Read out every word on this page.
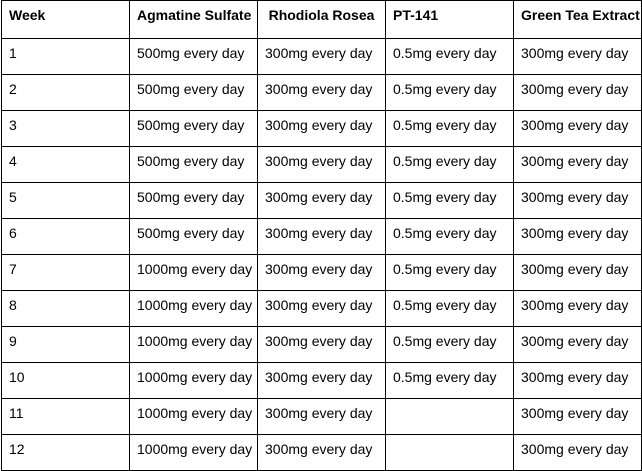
Week	Agmatine Sulfate	Rhodiola Rosea	PT-141	Green Tea Extract
1	500mg every day	300mg every day	0.5mg every day	300mg every day
2	500mg every day	300mg every day	0.5mg every day	300mg every day
3	500mg every day	300mg every day	0.5mg every day	300mg every day
4	500mg every day	300mg every day	0.5mg every day	300mg every day
5	500mg every day	300mg every day	0.5mg every day	300mg every day
6	500mg every day	300mg every day	0.5mg every day	300mg every day
7	1000mg every day	300mg every day	0.5mg every day	300mg every day
8	1000mg every day	300mg every day	0.5mg every day	300mg every day
9	1000mg every day	300mg every day	0.5mg every day	300mg every day
10	1000mg every day	300mg every day	0.5mg every day	300mg every day
11	1000mg every day	300mg every day		300mg every day
12	1000mg every day	300mg every day		300mg every day
